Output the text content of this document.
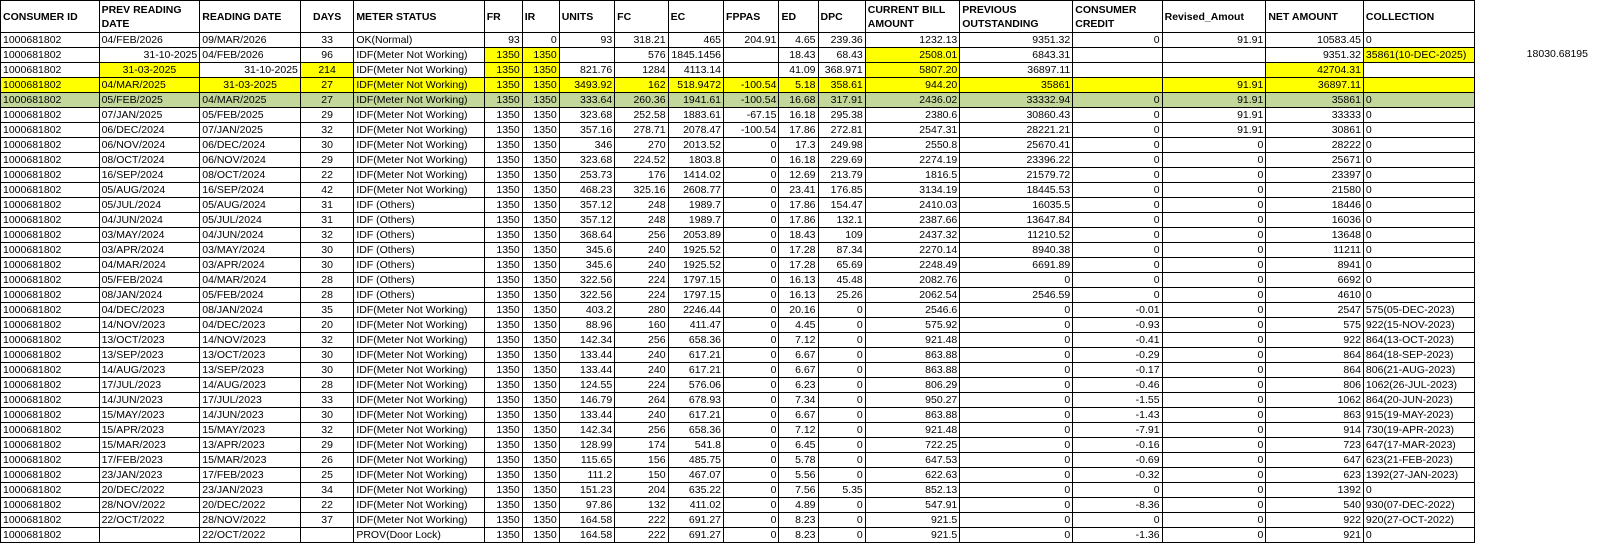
CONSUMER ID	PREV READING DATE	READING DATE	DAYS	METER STATUS	FR	IR	UNITS	FC	EC	FPPAS	ED	DPC	CURRENT BILL AMOUNT	PREVIOUS OUTSTANDING	CONSUMER CREDIT	Revised_Amout	NET AMOUNT	COLLECTION
1000681802	04/FEB/2026	09/MAR/2026	33	OK(Normal)	93	0	93	318.21	465	204.91	4.65	239.36	1232.13	9351.32	0	91.91	10583.45	0
1000681802	31-10-2025	04/FEB/2026	96	IDF(Meter Not Working)	1350	1350		576	1845.1456		18.43	68.43	2508.01	6843.31			9351.32	35861(10-DEC-2025)
1000681802	31-03-2025	31-10-2025	214	IDF(Meter Not Working)	1350	1350	821.76	1284	4113.14		41.09	368.971	5807.20	36897.11			42704.31	
1000681802	04/MAR/2025	31-03-2025	27	IDF(Meter Not Working)	1350	1350	3493.92	162	518.9472	-100.54	5.18	358.61	944.20	35861		91.91	36897.11	
1000681802	05/FEB/2025	04/MAR/2025	27	IDF(Meter Not Working)	1350	1350	333.64	260.36	1941.61	-100.54	16.68	317.91	2436.02	33332.94	0	91.91	35861	0
1000681802	07/JAN/2025	05/FEB/2025	29	IDF(Meter Not Working)	1350	1350	323.68	252.58	1883.61	-67.15	16.18	295.38	2380.6	30860.43	0	91.91	33333	0
1000681802	06/DEC/2024	07/JAN/2025	32	IDF(Meter Not Working)	1350	1350	357.16	278.71	2078.47	-100.54	17.86	272.81	2547.31	28221.21	0	91.91	30861	0
1000681802	06/NOV/2024	06/DEC/2024	30	IDF(Meter Not Working)	1350	1350	346	270	2013.52	0	17.3	249.98	2550.8	25670.41	0	0	28222	0
1000681802	08/OCT/2024	06/NOV/2024	29	IDF(Meter Not Working)	1350	1350	323.68	224.52	1803.8	0	16.18	229.69	2274.19	23396.22	0	0	25671	0
1000681802	16/SEP/2024	08/OCT/2024	22	IDF(Meter Not Working)	1350	1350	253.73	176	1414.02	0	12.69	213.79	1816.5	21579.72	0	0	23397	0
1000681802	05/AUG/2024	16/SEP/2024	42	IDF(Meter Not Working)	1350	1350	468.23	325.16	2608.77	0	23.41	176.85	3134.19	18445.53	0	0	21580	0
1000681802	05/JUL/2024	05/AUG/2024	31	IDF (Others)	1350	1350	357.12	248	1989.7	0	17.86	154.47	2410.03	16035.5	0	0	18446	0
1000681802	04/JUN/2024	05/JUL/2024	31	IDF (Others)	1350	1350	357.12	248	1989.7	0	17.86	132.1	2387.66	13647.84	0	0	16036	0
1000681802	03/MAY/2024	04/JUN/2024	32	IDF (Others)	1350	1350	368.64	256	2053.89	0	18.43	109	2437.32	11210.52	0	0	13648	0
1000681802	03/APR/2024	03/MAY/2024	30	IDF (Others)	1350	1350	345.6	240	1925.52	0	17.28	87.34	2270.14	8940.38	0	0	11211	0
1000681802	04/MAR/2024	03/APR/2024	30	IDF (Others)	1350	1350	345.6	240	1925.52	0	17.28	65.69	2248.49	6691.89	0	0	8941	0
1000681802	05/FEB/2024	04/MAR/2024	28	IDF (Others)	1350	1350	322.56	224	1797.15	0	16.13	45.48	2082.76	0	0	0	6692	0
1000681802	08/JAN/2024	05/FEB/2024	28	IDF (Others)	1350	1350	322.56	224	1797.15	0	16.13	25.26	2062.54	2546.59	0	0	4610	0
1000681802	04/DEC/2023	08/JAN/2024	35	IDF(Meter Not Working)	1350	1350	403.2	280	2246.44	0	20.16	0	2546.6	0	-0.01	0	2547	575(05-DEC-2023)
1000681802	14/NOV/2023	04/DEC/2023	20	IDF(Meter Not Working)	1350	1350	88.96	160	411.47	0	4.45	0	575.92	0	-0.93	0	575	922(15-NOV-2023)
1000681802	13/OCT/2023	14/NOV/2023	32	IDF(Meter Not Working)	1350	1350	142.34	256	658.36	0	7.12	0	921.48	0	-0.41	0	922	864(13-OCT-2023)
1000681802	13/SEP/2023	13/OCT/2023	30	IDF(Meter Not Working)	1350	1350	133.44	240	617.21	0	6.67	0	863.88	0	-0.29	0	864	864(18-SEP-2023)
1000681802	14/AUG/2023	13/SEP/2023	30	IDF(Meter Not Working)	1350	1350	133.44	240	617.21	0	6.67	0	863.88	0	-0.17	0	864	806(21-AUG-2023)
1000681802	17/JUL/2023	14/AUG/2023	28	IDF(Meter Not Working)	1350	1350	124.55	224	576.06	0	6.23	0	806.29	0	-0.46	0	806	1062(26-JUL-2023)
1000681802	14/JUN/2023	17/JUL/2023	33	IDF(Meter Not Working)	1350	1350	146.79	264	678.93	0	7.34	0	950.27	0	-1.55	0	1062	864(20-JUN-2023)
1000681802	15/MAY/2023	14/JUN/2023	30	IDF(Meter Not Working)	1350	1350	133.44	240	617.21	0	6.67	0	863.88	0	-1.43	0	863	915(19-MAY-2023)
1000681802	15/APR/2023	15/MAY/2023	32	IDF(Meter Not Working)	1350	1350	142.34	256	658.36	0	7.12	0	921.48	0	-7.91	0	914	730(19-APR-2023)
1000681802	15/MAR/2023	13/APR/2023	29	IDF(Meter Not Working)	1350	1350	128.99	174	541.8	0	6.45	0	722.25	0	-0.16	0	723	647(17-MAR-2023)
1000681802	17/FEB/2023	15/MAR/2023	26	IDF(Meter Not Working)	1350	1350	115.65	156	485.75	0	5.78	0	647.53	0	-0.69	0	647	623(21-FEB-2023)
1000681802	23/JAN/2023	17/FEB/2023	25	IDF(Meter Not Working)	1350	1350	111.2	150	467.07	0	5.56	0	622.63	0	-0.32	0	623	1392(27-JAN-2023)
1000681802	20/DEC/2022	23/JAN/2023	34	IDF(Meter Not Working)	1350	1350	151.23	204	635.22	0	7.56	5.35	852.13	0	0	0	1392	0
1000681802	28/NOV/2022	20/DEC/2022	22	IDF(Meter Not Working)	1350	1350	97.86	132	411.02	0	4.89	0	547.91	0	-8.36	0	540	930(07-DEC-2022)
1000681802	22/OCT/2022	28/NOV/2022	37	IDF(Meter Not Working)	1350	1350	164.58	222	691.27	0	8.23	0	921.5	0	0	0	922	920(27-OCT-2022)
1000681802		22/OCT/2022		PROV(Door Lock)	1350	1350	164.58	222	691.27	0	8.23	0	921.5	0	-1.36	0	921	0
18030.68195
